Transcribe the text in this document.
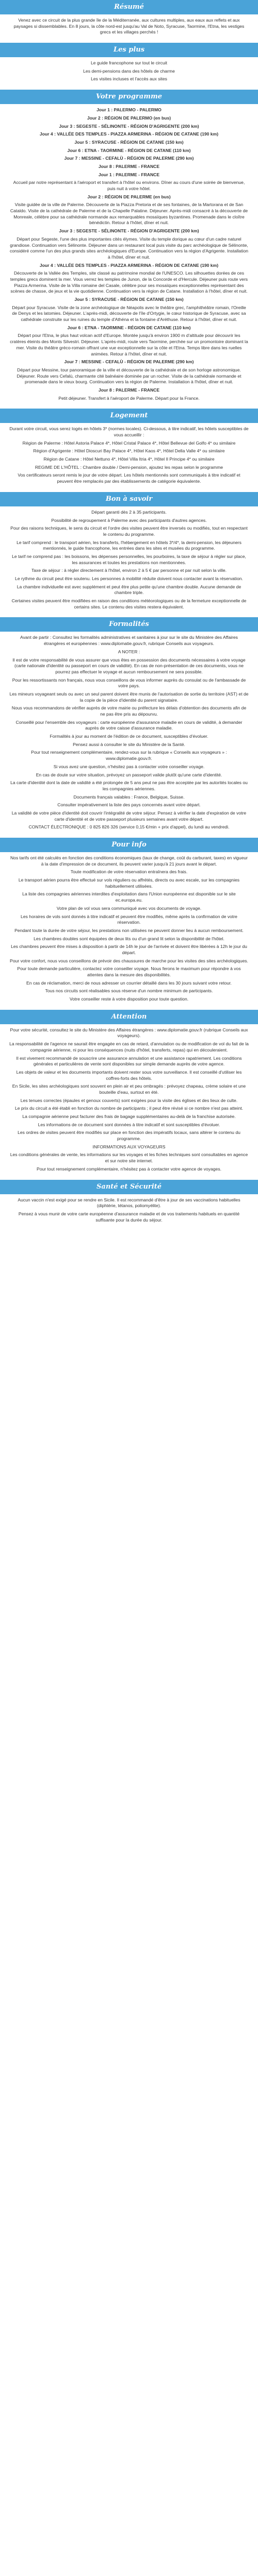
Résumé

Venez avec ce circuit de la plus grande île de la Méditerranée, aux cultures multiples, aux eaux aux reflets et aux paysages si dissemblables. En 8 jours, la côte nord-est jusqu'au Val de Noto, Syracuse, Taormine, l'Etna, les vestiges grecs et les villages perchés !

Les plus

Le guide francophone sur tout le circuit

Les demi-pensions dans des hôtels de charme

Les visites incluses et l'accès aux sites

Votre programme

Jour 1 : PALERMO - PALERMO

Jour 2 : RÉGION DE PALERMO (en bus)

Jour 3 : SEGESTE - SÉLINONTE - RÉGION D'AGRIGENTE (200 km)

Jour 4 : VALLÉE DES TEMPLES - PIAZZA ARMERINA - RÉGION DE CATANE (190 km)

Jour 5 : SYRACUSE - RÉGION DE CATANE (150 km)

Jour 6 : ETNA - TAORMINE - RÉGION DE CATANE (110 km)

Jour 7 : MESSINE - CEFALÙ - RÉGION DE PALERME (290 km)

Jour 8 : PALERME - FRANCE

Jour 1 : PALERME - FRANCE

Accueil par notre représentant à l'aéroport et transfert à l'hôtel ou environs. Dîner au cours d'une soirée de bienvenue, puis nuit à votre hôtel.

Jour 2 : RÉGION DE PALERME (en bus)

Visite guidée de la ville de Palerme. Découverte de la Piazza Pretoria et de ses fontaines, de la Martorana et de San Cataldo. Visite de la cathédrale de Palerme et de la Chapelle Palatine. Déjeuner. Après-midi consacré à la découverte de Monreale, célèbre pour sa cathédrale normande aux remarquables mosaïques byzantines. Promenade dans le cloître bénédictin. Retour à l'hôtel, dîner et nuit.

Jour 3 : SEGESTE - SÉLINONTE - RÉGION D'AGRIGENTE (200 km)

Départ pour Segeste, l'une des plus importantes cités élymes. Visite du temple dorique au cœur d'un cadre naturel grandiose. Continuation vers Sélinonte. Déjeuner dans un restaurant local puis visite du parc archéologique de Sélinonte, considéré comme l'un des plus grands sites archéologiques d'Europe. Continuation vers la région d'Agrigente. Installation à l'hôtel, dîner et nuit.

Jour 4 : VALLÉE DES TEMPLES - PIAZZA ARMERINA - RÉGION DE CATANE (190 km)

Découverte de la Vallée des Temples, site classé au patrimoine mondial de l'UNESCO. Les silhouettes dorées de ces temples grecs dominent la mer. Vous verrez les temples de Junon, de la Concorde et d'Hercule. Déjeuner puis route vers Piazza Armerina. Visite de la Villa romaine del Casale, célèbre pour ses mosaïques exceptionnelles représentant des scènes de chasse, de jeux et la vie quotidienne. Continuation vers la région de Catane. Installation à l'hôtel, dîner et nuit.

Jour 5 : SYRACUSE - RÉGION DE CATANE (150 km)

Départ pour Syracuse. Visite de la zone archéologique de Néapolis avec le théâtre grec, l'amphithéâtre romain, l'Oreille de Denys et les latomies. Déjeuner. L'après-midi, découverte de l'île d'Ortygie, le cœur historique de Syracuse, avec sa cathédrale construite sur les ruines du temple d'Athéna et la fontaine d'Aréthuse. Retour à l'hôtel, dîner et nuit.

Jour 6 : ETNA - TAORMINE - RÉGION DE CATANE (110 km)

Départ pour l'Etna, le plus haut volcan actif d'Europe. Montée jusqu'à environ 1900 m d'altitude pour découvrir les cratères éteints des Monts Silvestri. Déjeuner. L'après-midi, route vers Taormine, perchée sur un promontoire dominant la mer. Visite du théâtre gréco-romain offrant une vue exceptionnelle sur la côte et l'Etna. Temps libre dans les ruelles animées. Retour à l'hôtel, dîner et nuit.

Jour 7 : MESSINE - CEFALÙ - RÉGION DE PALERME (290 km)

Départ pour Messine, tour panoramique de la ville et découverte de la cathédrale et de son horloge astronomique. Déjeuner. Route vers Cefalù, charmante cité balnéaire dominée par un rocher. Visite de la cathédrale normande et promenade dans le vieux bourg. Continuation vers la région de Palerme. Installation à l'hôtel, dîner et nuit.

Jour 8 : PALERME - FRANCE

Petit déjeuner. Transfert à l'aéroport de Palerme. Départ pour la France.

Logement

Durant votre circuit, vous serez logés en hôtels 3* (normes locales). Ci-dessous, à titre indicatif, les hôtels susceptibles de vous accueillir :

Région de Palerme : Hôtel Astoria Palace 4*, Hôtel Cristal Palace 4*, Hôtel Bellevue del Golfo 4* ou similaire

Région d'Agrigente : Hôtel Dioscuri Bay Palace 4*, Hôtel Kaos 4*, Hôtel Della Valle 4* ou similaire

Région de Catane : Hôtel Nettuno 4*, Hôtel Villa Itria 4*, Hôtel Il Principe 4* ou similaire

REGIME DE L'HÔTEL : Chambre double / Demi-pension, ajoutez les repas selon le programme

Vos certificateurs seront remis le jour de votre départ. Les hôtels mentionnés sont communiqués à titre indicatif et peuvent être remplacés par des établissements de catégorie équivalente.

Bon à savoir

Départ garanti dès 2 à 35 participants.

Possibilité de regroupement à Palerme avec des participants d'autres agences.

Pour des raisons techniques, le sens du circuit et l'ordre des visites peuvent être inversés ou modifiés, tout en respectant le contenu du programme.

Le tarif comprend : le transport aérien, les transferts, l'hébergement en hôtels 3*/4*, la demi-pension, les déjeuners mentionnés, le guide francophone, les entrées dans les sites et musées du programme.

Le tarif ne comprend pas : les boissons, les dépenses personnelles, les pourboires, la taxe de séjour à régler sur place, les assurances et toutes les prestations non mentionnées.

Taxe de séjour : à régler directement à l'hôtel, environ 2 à 5 € par personne et par nuit selon la ville.

Le rythme du circuit peut être soutenu. Les personnes à mobilité réduite doivent nous contacter avant la réservation.

La chambre individuelle est avec supplément et peut être plus petite qu'une chambre double. Aucune demande de chambre triple.

Certaines visites peuvent être modifiées en raison des conditions météorologiques ou de la fermeture exceptionnelle de certains sites. Le contenu des visites restera équivalent.

Formalités

Avant de partir : Consultez les formalités administratives et sanitaires à jour sur le site du Ministère des Affaires étrangères et européennes : www.diplomatie.gouv.fr, rubrique Conseils aux voyageurs.

A NOTER :

Il est de votre responsabilité de vous assurer que vous êtes en possession des documents nécessaires à votre voyage (carte nationale d'identité ou passeport en cours de validité). En cas de non-présentation de ces documents, vous ne pourrez pas effectuer le voyage et aucun remboursement ne sera possible.

Pour les ressortissants non français, nous vous conseillons de vous informer auprès du consulat ou de l'ambassade de votre pays.

Les mineurs voyageant seuls ou avec un seul parent doivent être munis de l'autorisation de sortie du territoire (AST) et de la copie de la pièce d'identité du parent signataire.

Nous vous recommandons de vérifier auprès de votre mairie ou préfecture les délais d'obtention des documents afin de ne pas être pris au dépourvu.

Conseillé pour l'ensemble des voyageurs : carte européenne d'assurance maladie en cours de validité, à demander auprès de votre caisse d'assurance maladie.

Formalités à jour au moment de l'édition de ce document, susceptibles d'évoluer.

Pensez aussi à consulter le site du Ministère de la Santé.

Pour tout renseignement complémentaire, rendez-vous sur la rubrique « Conseils aux voyageurs » : www.diplomatie.gouv.fr.

Si vous avez une question, n'hésitez pas à contacter votre conseiller voyage.

En cas de doute sur votre situation, prévoyez un passeport valide plutôt qu'une carte d'identité.

La carte d'identité dont la date de validité a été prolongée de 5 ans peut ne pas être acceptée par les autorités locales ou les compagnies aériennes.

Documents français valables : France, Belgique, Suisse.

Consulter impérativement la liste des pays concernés avant votre départ.

La validité de votre pièce d'identité doit couvrir l'intégralité de votre séjour. Pensez à vérifier la date d'expiration de votre carte d'identité et de votre passeport plusieurs semaines avant votre départ.

CONTACT ÉLECTRONIQUE : 0 825 826 326 (service 0,15 €/min + prix d'appel), du lundi au vendredi.

Pour info

Nos tarifs ont été calculés en fonction des conditions économiques (taux de change, coût du carburant, taxes) en vigueur à la date d'impression de ce document, ils peuvent varier jusqu'à 21 jours avant le départ.

Toute modification de votre réservation entraînera des frais.

Le transport aérien pourra être effectué sur vols réguliers ou affrétés, directs ou avec escale, sur les compagnies habituellement utilisées.

La liste des compagnies aériennes interdites d'exploitation dans l'Union européenne est disponible sur le site ec.europa.eu.

Votre plan de vol vous sera communiqué avec vos documents de voyage.

Les horaires de vols sont donnés à titre indicatif et peuvent être modifiés, même après la confirmation de votre réservation.

Pendant toute la durée de votre séjour, les prestations non utilisées ne peuvent donner lieu à aucun remboursement.

Les chambres doubles sont équipées de deux lits ou d'un grand lit selon la disponibilité de l'hôtel.

Les chambres peuvent être mises à disposition à partir de 14h le jour de l'arrivée et doivent être libérées à 12h le jour du départ.

Pour votre confort, nous vous conseillons de prévoir des chaussures de marche pour les visites des sites archéologiques.

Pour toute demande particulière, contactez votre conseiller voyage. Nous ferons le maximum pour répondre à vos attentes dans la mesure des disponibilités.

En cas de réclamation, merci de nous adresser un courrier détaillé dans les 30 jours suivant votre retour.

Tous nos circuits sont réalisables sous réserve d'un nombre minimum de participants.

Votre conseiller reste à votre disposition pour toute question.

Attention

Pour votre sécurité, consultez le site du Ministère des Affaires étrangères : www.diplomatie.gouv.fr (rubrique Conseils aux voyageurs).

La responsabilité de l'agence ne saurait être engagée en cas de retard, d'annulation ou de modification de vol du fait de la compagnie aérienne, ni pour les conséquences (nuits d'hôtel, transferts, repas) qui en découleraient.

Il est vivement recommandé de souscrire une assurance annulation et une assistance rapatriement. Les conditions générales et particulières de vente sont disponibles sur simple demande auprès de votre agence.

Les objets de valeur et les documents importants doivent rester sous votre surveillance. Il est conseillé d'utiliser les coffres-forts des hôtels.

En Sicile, les sites archéologiques sont souvent en plein air et peu ombragés : prévoyez chapeau, crème solaire et une bouteille d'eau, surtout en été.

Les tenues correctes (épaules et genoux couverts) sont exigées pour la visite des églises et des lieux de culte.

Le prix du circuit a été établi en fonction du nombre de participants ; il peut être révisé si ce nombre n'est pas atteint.

La compagnie aérienne peut facturer des frais de bagage supplémentaires au-delà de la franchise autorisée.

Les informations de ce document sont données à titre indicatif et sont susceptibles d'évoluer.

Les ordres de visites peuvent être modifiés sur place en fonction des impératifs locaux, sans altérer le contenu du programme.

INFORMATIONS AUX VOYAGEURS

Les conditions générales de vente, les informations sur les voyages et les fiches techniques sont consultables en agence et sur notre site internet.

Pour tout renseignement complémentaire, n'hésitez pas à contacter votre agence de voyages.

Santé et Sécurité

Aucun vaccin n'est exigé pour se rendre en Sicile. Il est recommandé d'être à jour de ses vaccinations habituelles (diphtérie, tétanos, poliomyélite).

Pensez à vous munir de votre carte européenne d'assurance maladie et de vos traitements habituels en quantité suffisante pour la durée du séjour.
